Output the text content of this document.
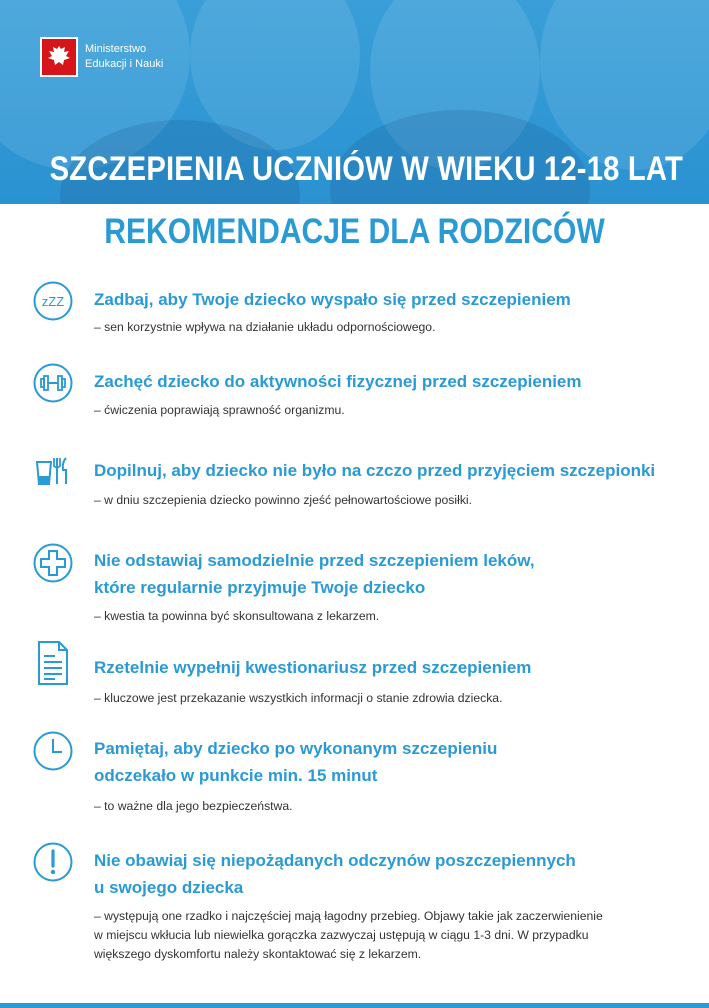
Ministerstwo
Edukacji i Nauki
SZCZEPIENIA UCZNIÓW W WIEKU 12-18 LAT
REKOMENDACJE DLA RODZICÓW
zZZ Zadbaj, aby Twoje dziecko wyspało się przed szczepieniem
– sen korzystnie wpływa na działanie układu odpornościowego.
Zachęć dziecko do aktywności fizycznej przed szczepieniem
– ćwiczenia poprawiają sprawność organizmu.
Dopilnuj, aby dziecko nie było na czczo przed przyjęciem szczepionki
– w dniu szczepienia dziecko powinno zjeść pełnowartościowe posiłki.
Nie odstawiaj samodzielnie przed szczepieniem leków,
które regularnie przyjmuje Twoje dziecko
– kwestia ta powinna być skonsultowana z lekarzem.
Rzetelnie wypełnij kwestionariusz przed szczepieniem
– kluczowe jest przekazanie wszystkich informacji o stanie zdrowia dziecka.
Pamiętaj, aby dziecko po wykonanym szczepieniu
odczekało w punkcie min. 15 minut
– to ważne dla jego bezpieczeństwa.
Nie obawiaj się niepożądanych odczynów poszczepiennych
u swojego dziecka
– występują one rzadko i najczęściej mają łagodny przebieg. Objawy takie jak zaczerwienienie
w miejscu wkłucia lub niewielka gorączka zazwyczaj ustępują w ciągu 1-3 dni. W przypadku
większego dyskomfortu należy skontaktować się z lekarzem.
